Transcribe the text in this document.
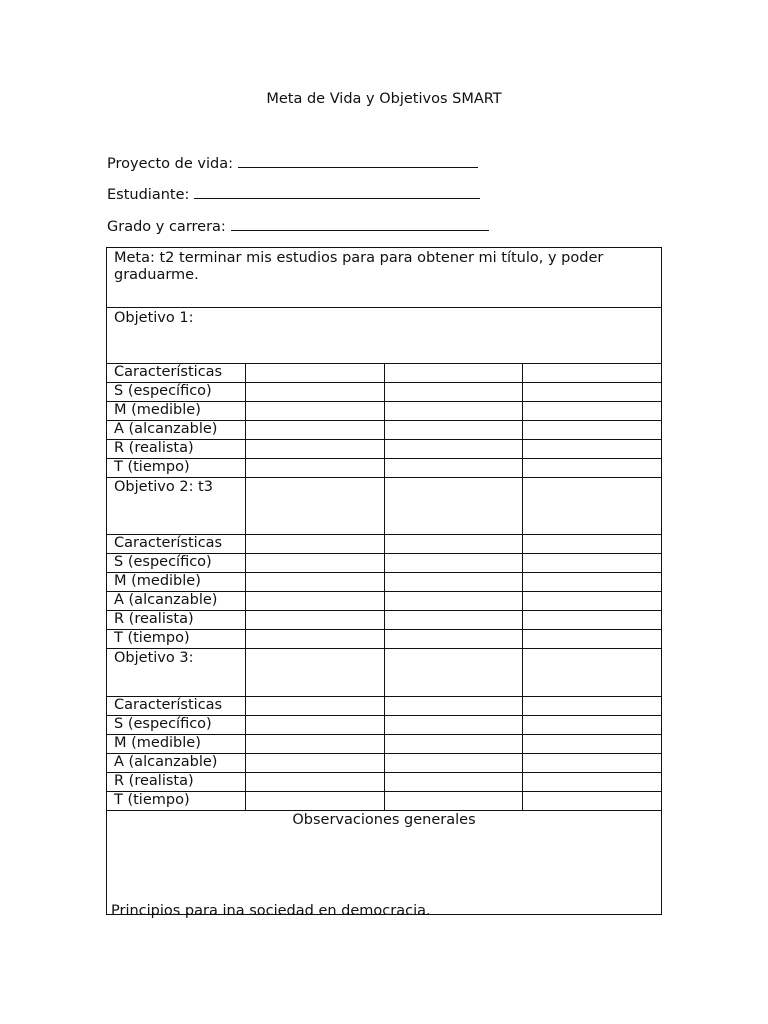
Meta de Vida y Objetivos SMART
Proyecto de vida:
Estudiante:
Grado y carrera:
Meta: t2 terminar mis estudios para para obtener mi título, y poder graduarme.			
Objetivo 1:			
Características			
S (específico)			
M (medible)			
A (alcanzable)			
R (realista)			
T (tiempo)			
Objetivo 2: t3			
Características			
S (específico)			
M (medible)			
A (alcanzable)			
R (realista)			
T (tiempo)			
Objetivo 3:			
Características			
S (específico)			
M (medible)			
A (alcanzable)			
R (realista)			
T (tiempo)			
Observaciones generales			
Principios para ina sociedad en democracia.
